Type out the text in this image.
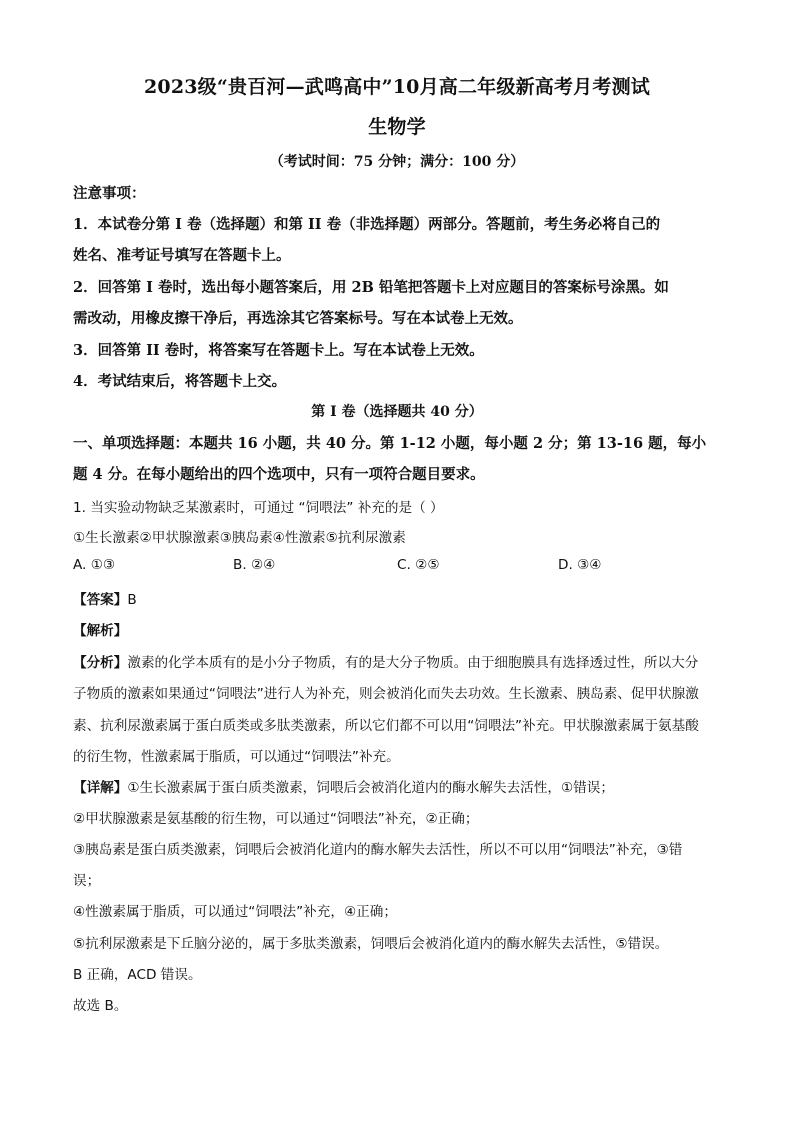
2023级“贵百河—武鸣高中”10月高二年级新高考月考测试
生物学
（考试时间：75 分钟；满分：100 分）
注意事项：
1．本试卷分第 I 卷（选择题）和第 II 卷（非选择题）两部分。答题前，考生务必将自己的
姓名、准考证号填写在答题卡上。
2．回答第 I 卷时，选出每小题答案后，用 2B 铅笔把答题卡上对应题目的答案标号涂黑。如
需改动，用橡皮擦干净后，再选涂其它答案标号。写在本试卷上无效。
3．回答第 II 卷时，将答案写在答题卡上。写在本试卷上无效。
4．考试结束后，将答题卡上交。
第 I 卷（选择题共 40 分）
一、单项选择题：本题共 16 小题，共 40 分。第 1-12 小题，每小题 2 分；第 13-16 题，每小
题 4 分。在每小题给出的四个选项中，只有一项符合题目要求。
1. 当实验动物缺乏某激素时，可通过 “饲喂法” 补充的是（ ）
①生长激素②甲状腺激素③胰岛素④性激素⑤抗利尿激素
A. ①③	B. ②④	C. ②⑤	D. ③④
【答案】B
【解析】
【分析】激素的化学本质有的是小分子物质，有的是大分子物质。由于细胞膜具有选择透过性，所以大分
子物质的激素如果通过“饲喂法”进行人为补充，则会被消化而失去功效。生长激素、胰岛素、促甲状腺激
素、抗利尿激素属于蛋白质类或多肽类激素，所以它们都不可以用“饲喂法”补充。甲状腺激素属于氨基酸
的衍生物，性激素属于脂质，可以通过“饲喂法”补充。
【详解】①生长激素属于蛋白质类激素，饲喂后会被消化道内的酶水解失去活性，①错误；
②甲状腺激素是氨基酸的衍生物，可以通过“饲喂法”补充，②正确；
③胰岛素是蛋白质类激素，饲喂后会被消化道内的酶水解失去活性，所以不可以用“饲喂法”补充，③错
误；
④性激素属于脂质，可以通过“饲喂法”补充，④正确；
⑤抗利尿激素是下丘脑分泌的，属于多肽类激素，饲喂后会被消化道内的酶水解失去活性，⑤错误。
B 正确，ACD 错误。
故选 B。
